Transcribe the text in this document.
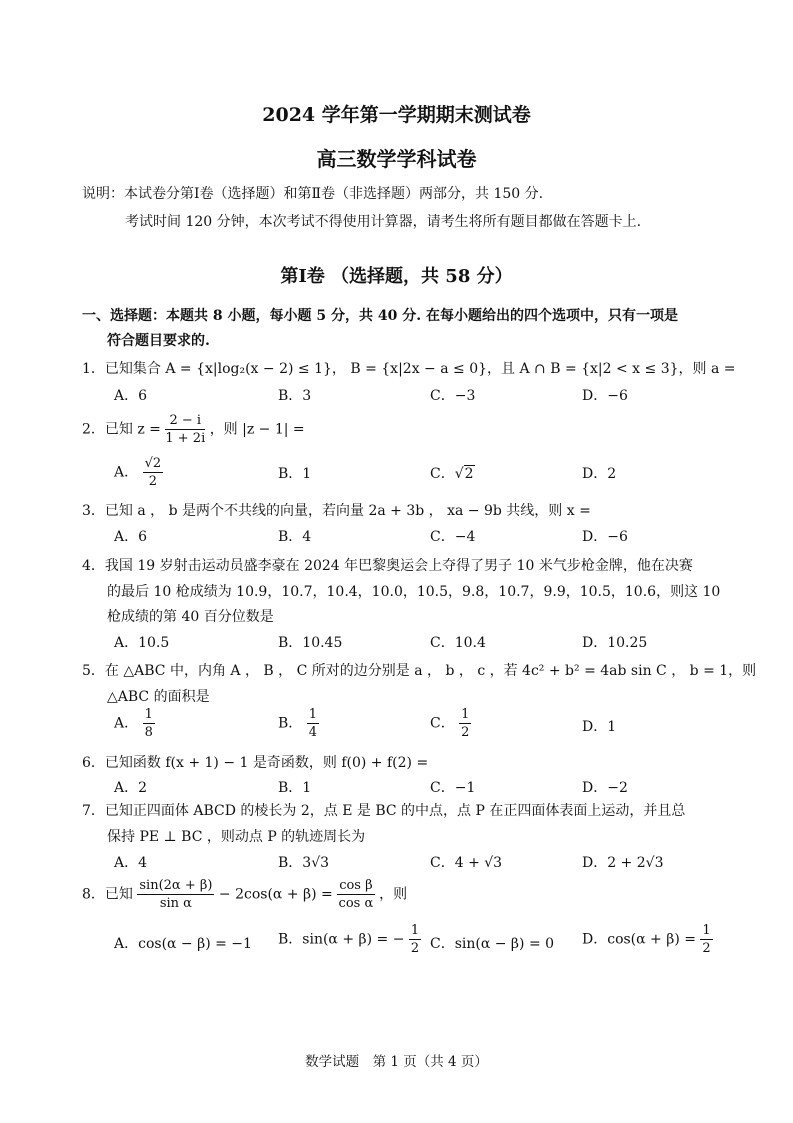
2024 学年第一学期期末测试卷
高三数学学科试卷
说明：本试卷分第Ⅰ卷（选择题）和第Ⅱ卷（非选择题）两部分，共 150 分.
考试时间 120 分钟，本次考试不得使用计算器，请考生将所有题目都做在答题卡上.
第Ⅰ卷 （选择题，共 58 分）
一、选择题：本题共 8 小题，每小题 5 分，共 40 分. 在每小题给出的四个选项中，只有一项是
符合题目要求的.
1．已知集合 A = {x|log₂(x − 2) ≤ 1}， B = {x|2x − a ≤ 0}，且 A ∩ B = {x|2 < x ≤ 3}，则 a =
A．6	B．3	C．−3	D．−6
2．已知 $z = \frac{2 - i}{1 + 2i}$ ，则 |z − 1| =
A． $\frac{√2}{2}$	B．1	C．√2	D．2
3．已知 a ， b 是两个不共线的向量，若向量 2a + 3b ， xa − 9b 共线，则 x =
A．6	B．4	C．−4	D．−6
4．我国 19 岁射击运动员盛李豪在 2024 年巴黎奥运会上夺得了男子 10 米气步枪金牌，他在决赛
的最后 10 枪成绩为 10.9，10.7，10.4，10.0，10.5，9.8，10.7，9.9，10.5，10.6，则这 10
枪成绩的第 40 百分位数是
A．10.5	B．10.45	C．10.4	D．10.25
5．在 △ABC 中，内角 A ， B ， C 所对的边分别是 a ， b ， c ，若 4c² + b² = 4ab sin C ， b = 1，则
△ABC 的面积是
A． $\frac{1}{8}$	B． $\frac{1}{4}$	C． $\frac{1}{2}$	D．1
6．已知函数 f(x + 1) − 1 是奇函数，则 f(0) + f(2) =
A．2	B．1	C．−1	D．−2
7．已知正四面体 ABCD 的棱长为 2，点 E 是 BC 的中点，点 P 在正四面体表面上运动，并且总
保持 PE ⊥ BC ，则动点 P 的轨迹周长为
A．4	B．3√3	C．4 + √3	D．2 + 2√3
8．已知 $\frac{\sin(2\alpha + \beta)}{\text{sin α}} - 2\cos(\alpha + \beta) = \frac{\text{cos β}}{\text{cos α}}$ ，则
A．cos(α − β) = −1 B．sin(α + β) = − $\frac{1}{2}$ C．sin(α − β) = 0 D．$\cos(\alpha + \beta) = \frac{1}{2}$
数学试题　第 1 页（共 4 页）
